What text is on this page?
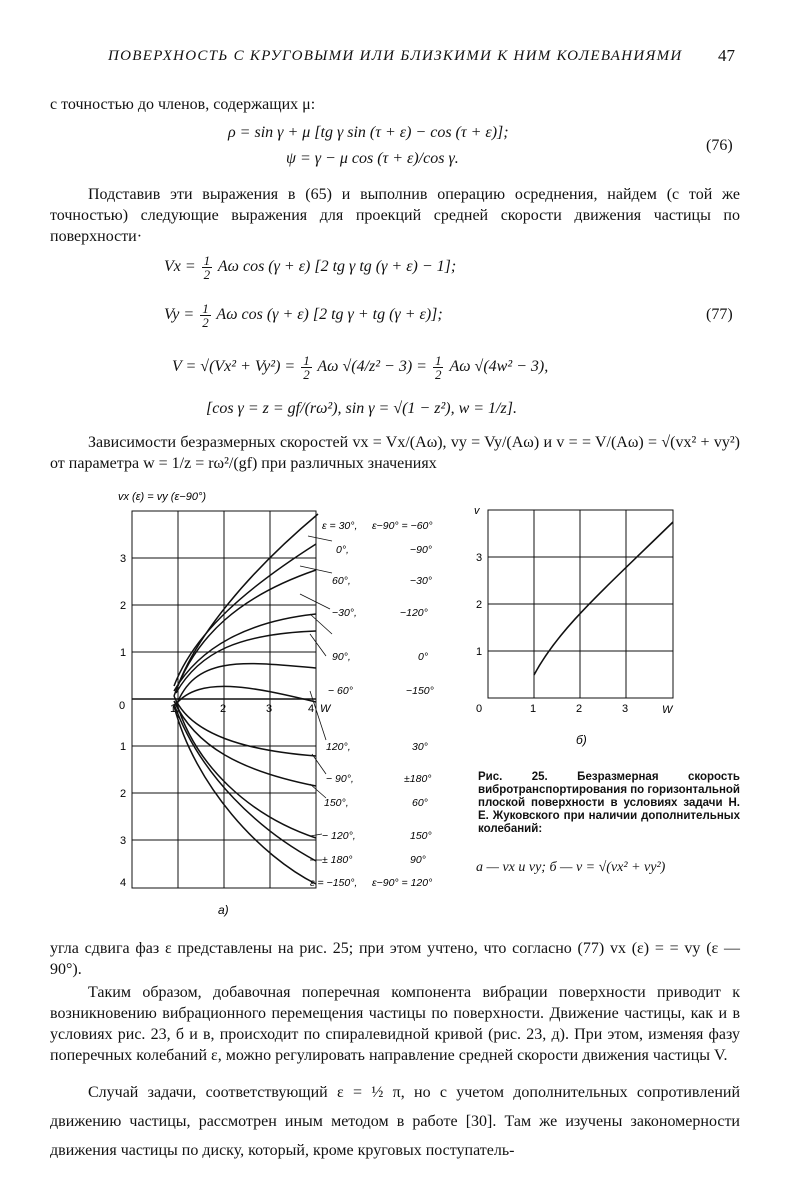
ПОВЕРХНОСТЬ С КРУГОВЫМИ ИЛИ БЛИЗКИМИ К НИМ КОЛЕВАНИЯМИ 47
с точностью до членов, содержащих μ:
ρ = sin γ + μ [tg γ sin (τ + ε) − cos (τ + ε)];
ψ = γ − μ cos (τ + ε)/cos γ.
(76)
Подставив эти выражения в (65) и выполнив операцию осреднения, найдем (с той же точностью) следующие выражения для проекций средней скорости движения частицы по поверхности·
$Vx = \frac{1}{2}$ Aω cos (γ + ε) [2 tg γ tg (γ + ε) − 1];
$Vy = \frac{1}{2}$ Aω cos (γ + ε) [2 tg γ + tg (γ + ε)];	(77)
$V = √(Vx^2 + Vy^2) = \frac{1}{2}$ Aω $√(4/z^2 - 3) = \frac{1}{2}$ Aω √(4w² − 3),
[cos γ = z = gf/(rω²), sin γ = √(1 − z²), w = 1/z].
Зависимости безразмерных скоростей vx = Vx/(Aω), vy = Vy/(Aω) и v = = V/(Aω) = √(vx² + vy²) от параметра w = 1/z = rω²/(gf) при различных значениях
vx (ε) = vy (ε−90°)
3
2
1
0
1
2
3
4
1	2	3	4 W
ε = 30°, ε−90° = −60°
0°,	−90°
60°,	−30°
−30°,	−120°
90°,	0°
− 60°	−150°
120°,	30°
− 90°,	±180°
150°,	60°
− 120°,	150°
± 180°	90°
ε = −150°, ε−90° = 120°
а)
v
3
2
1
0	1	2	3	W
б)
Рис. 25. Безразмерная скорость вибротранспортирования по горизонтальной плоской поверхности в условиях задачи Н. Е. Жуковского при наличии дополнительных колебаний:
а — vx и vy; б — v = √(vx² + vy²)
угла сдвига фаз ε представлены на рис. 25; при этом учтено, что согласно (77) vx (ε) = = vy (ε — 90°).
Таким образом, добавочная поперечная компонента вибрации поверхности приводит к возникновению вибрационного перемещения частицы по поверхности. Движение частицы, как и в условиях рис. 23, б и в, происходит по спиралевидной кривой (рис. 23, д). При этом, изменяя фазу поперечных колебаний ε, можно регулировать направление средней скорости движения частицы V.
Случай задачи, соответствующий ε = ½ π, но с учетом дополнительных сопротивлений движению частицы, рассмотрен иным методом в работе [30]. Там же изучены закономерности движения частицы по диску, который, кроме круговых поступатель-
